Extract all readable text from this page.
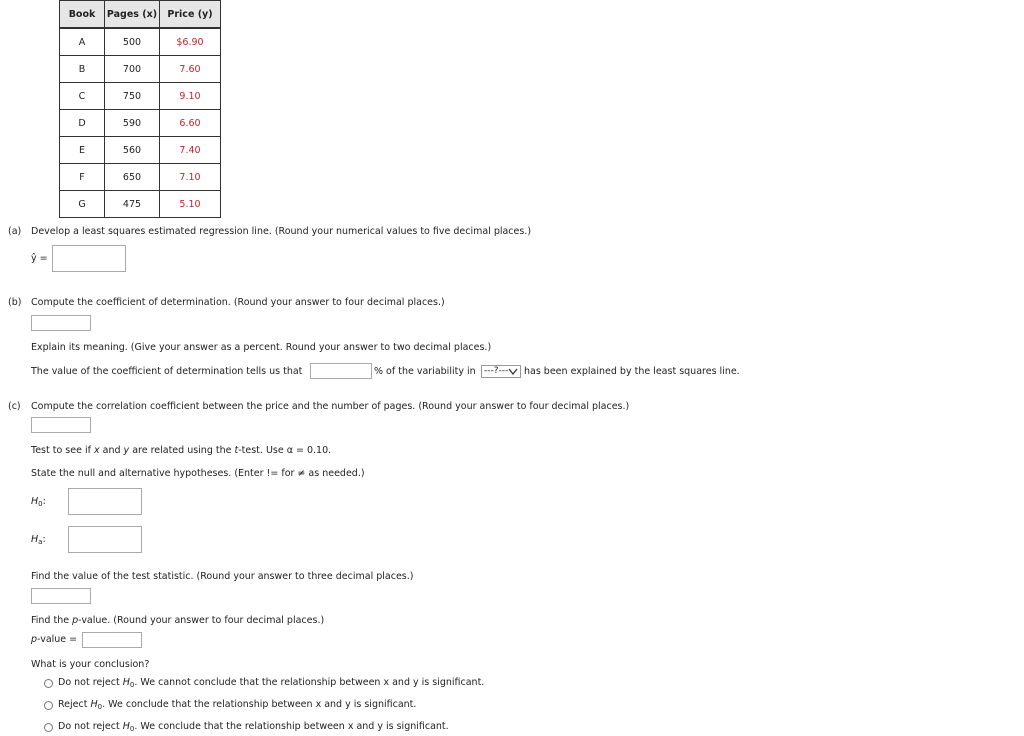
Book	Pages (x)	Price (y)
A	500	$6.90
B	700	7.60
C	750	9.10
D	590	6.60
E	560	7.40
F	650	7.10
G	475	5.10
(a) Develop a least squares estimated regression line. (Round your numerical values to five decimal places.)
ŷ =
(b) Compute the coefficient of determination. (Round your answer to four decimal places.)
Explain its meaning. (Give your answer as a percent. Round your answer to two decimal places.)
The value of the coefficient of determination tells us that	% of the variability in ---?---	has been explained by the least squares line.
(c) Compute the correlation coefficient between the price and the number of pages. (Round your answer to four decimal places.)
Test to see if x and y are related using the t-test. Use α = 0.10.
State the null and alternative hypotheses. (Enter != for ≠ as needed.)
$H_0$:
$H_a$:
Find the value of the test statistic. (Round your answer to three decimal places.)
Find the p-value. (Round your answer to four decimal places.)
p-value =
What is your conclusion?
Do not reject $H_0$. We cannot conclude that the relationship between x and y is significant.
Reject $H_0$. We conclude that the relationship between x and y is significant.
Do not reject $H_0$. We conclude that the relationship between x and y is significant.
